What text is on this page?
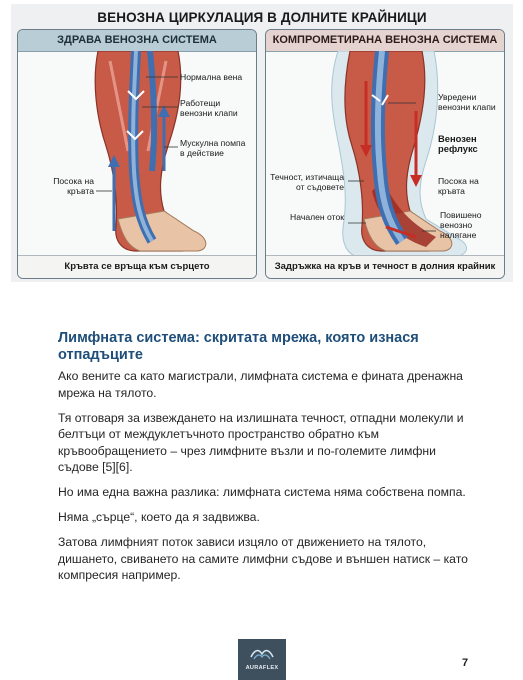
ВЕНОЗНА ЦИРКУЛАЦИЯ В ДОЛНИТЕ КРАЙНИЦИ
ЗДРАВА ВЕНОЗНА СИСТЕМА
Нормална вена
Работещи венозни клапи
Мускулна помпа в действие
Посока на кръвта
Кръвта се връща към сърцето
КОМПРОМЕТИРАНА ВЕНОЗНА СИСТЕМА
Увредени венозни клапи
Венозен рефлукс
Течност, изтичаща от съдовете
Посока на кръвта
Начален оток	Повишено венозно налягане
Задръжка на кръв и течност в долния крайник
Лимфната система: скритата мрежа, която изнася отпадъците

Ако вените са като магистрали, лимфната система е фината дренажна мрежа на тялото.

Тя отговаря за извеждането на излишната течност, отпадни молекули и белтъци от междуклетъчното пространство обратно към кръвообращението – чрез лимфните възли и по-големите лимфни съдове [5][6].

Но има една важна разлика: лимфната система няма собствена помпа.

Няма „сърце“, което да я задвижва.

Затова лимфният поток зависи изцяло от движението на тялото, дишането, свиването на самите лимфни съдове и външен натиск – като компресия например.

AURAFLEX	7
